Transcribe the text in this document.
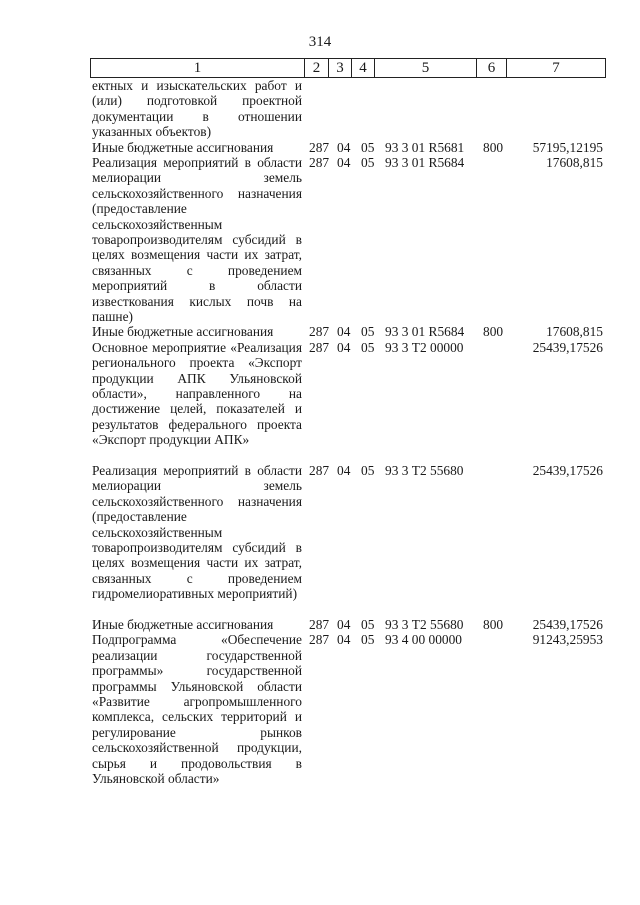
314
1	2	3	4	5	6	7
ектных и изыскательских работ и (или) подготовкой проектной документации в отношении указанных объектов)
Иные бюджетные ассигнования	287 04 05 93 3 01 R5681 800	57195,12195
Реализация мероприятий в области мелиорации земель сельскохозяйственного назначения (предоставление сельскохозяйственным товаропроизводителям субсидий в целях возмещения части их затрат, связанных с проведением мероприятий в области известкования кислых почв на пашне)
287 04 05 93 3 01 R5684	17608,815
Иные бюджетные ассигнования	287 04 05 93 3 01 R5684 800	17608,815
Основное мероприятие «Реализация регионального проекта «Экспорт продукции АПК Ульяновской области», направленного на достижение целей, показателей и результатов федерального проекта «Экспорт продукции АПК»
287 04 05 93 3 Т2 00000	25439,17526
Реализация мероприятий в области мелиорации земель сельскохозяйственного назначения (предоставление сельскохозяйственным товаропроизводителям субсидий в целях возмещения части их затрат, связанных с проведением гидромелиоративных мероприятий)
287 04 05 93 3 Т2 55680	25439,17526
Иные бюджетные ассигнования	287 04 05 93 3 Т2 55680 800	25439,17526
Подпрограмма «Обеспечение реализации государственной программы» государственной программы Ульяновской области «Развитие агропромышленного комплекса, сельских территорий и регулирование рынков сельскохозяйственной продукции, сырья и продовольствия в Ульяновской области»
287 04 05 93 4 00 00000	91243,25953
